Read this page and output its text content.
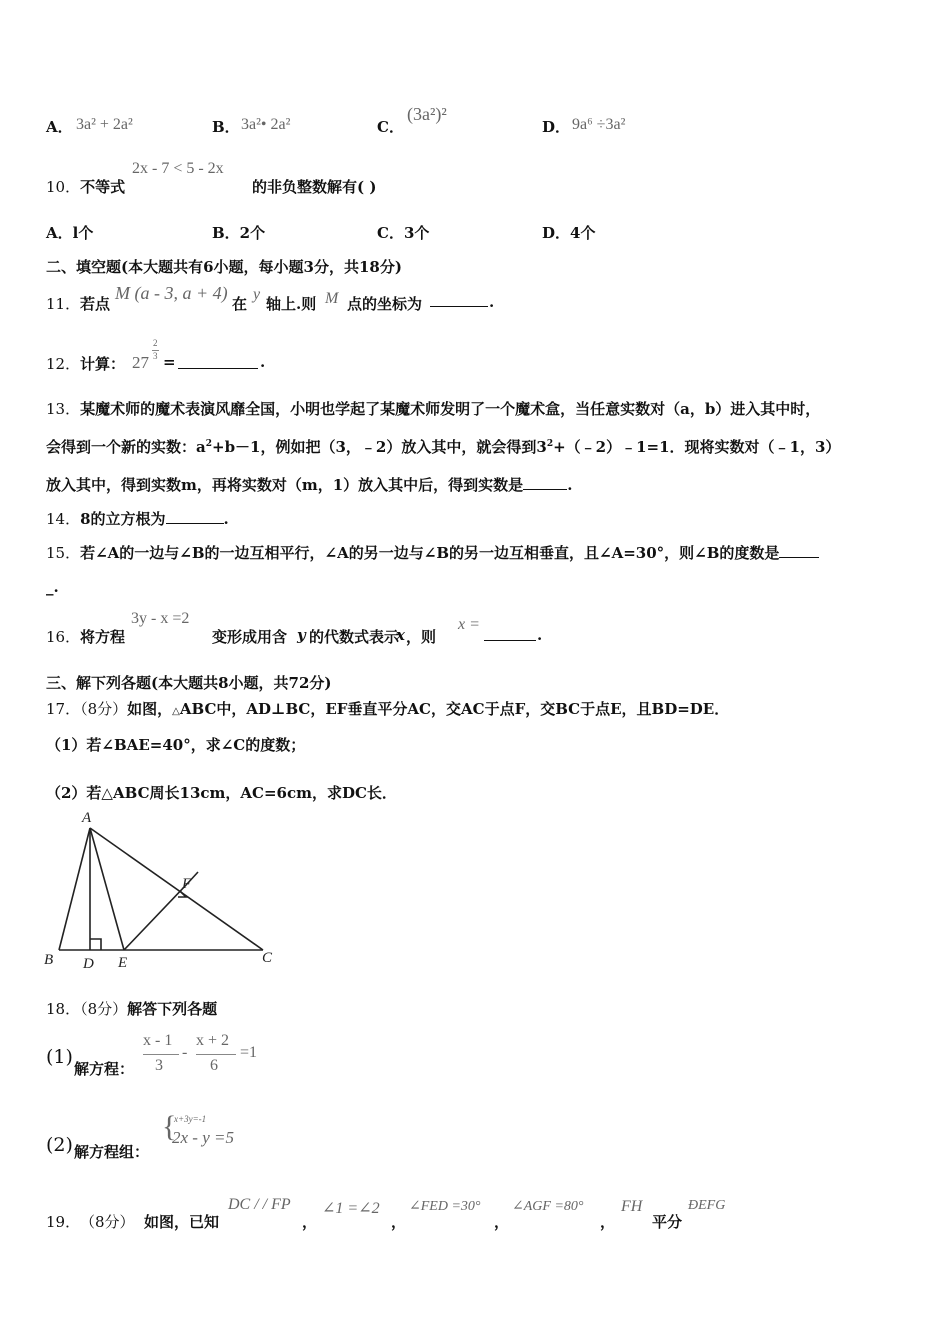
A． 3a² + 2a²	B． 3a²• 2a²	C．
(3a²)²
D． 9a⁶ ÷3a²
10．不等式
2x - 7 < 5 - 2x
的非负整数解有( )
A．l个	B．2个	C．3个	D．4个
二、填空题(本大题共有6小题，每小题3分，共18分)
11． 若点
M (a - 3, a + 4)
在
y
轴上.则 M 点的坐标为	.
12． 计算： 27
2
3 =	.
13．某魔术师的魔术表演风靡全国，小明也学起了某魔术师发明了一个魔术盒，当任意实数对（a，b）进入其中时，
会得到一个新的实数：$a^2+b-1$，例如把（3，﹣2）放入其中，就会得到$3^2+(﹣2)﹣1=1$．现将实数对（﹣1，3）
放入其中，得到实数m，再将实数对（m，1）放入其中后，得到实数是	.
14．8的立方根为	.
15．若∠A的一边与∠B的一边互相平行，∠A的另一边与∠B的另一边互相垂直，且∠A=30°，则∠B的度数是
_.
16． 将方程
3y - x =2
变形成用含 y 的代数式表示
x ，则
x =
.
三、解下列各题(本大题共8小题，共72分)
17．（8分）如图，△ABC中，AD⊥BC，EF垂直平分AC，交AC于点F，交BC于点E，且BD=DE．
（1）若∠BAE=40°，求∠C的度数；
（2）若△ABC周长13cm，AC=6cm，求DC长．
A
B	C
D E
F
18．（8分）解答下列各题
(1)
解方程：
x - 1
3
-
x + 2
6
=1
(2) 解方程组：
{
x+3y=-1
2x - y =5
19． （8分） 如图，已知
DC / / FP
，
∠1 =∠2
，
∠FED =30°
，
∠AGF =80°
，
FH
平分
ÐEFG
